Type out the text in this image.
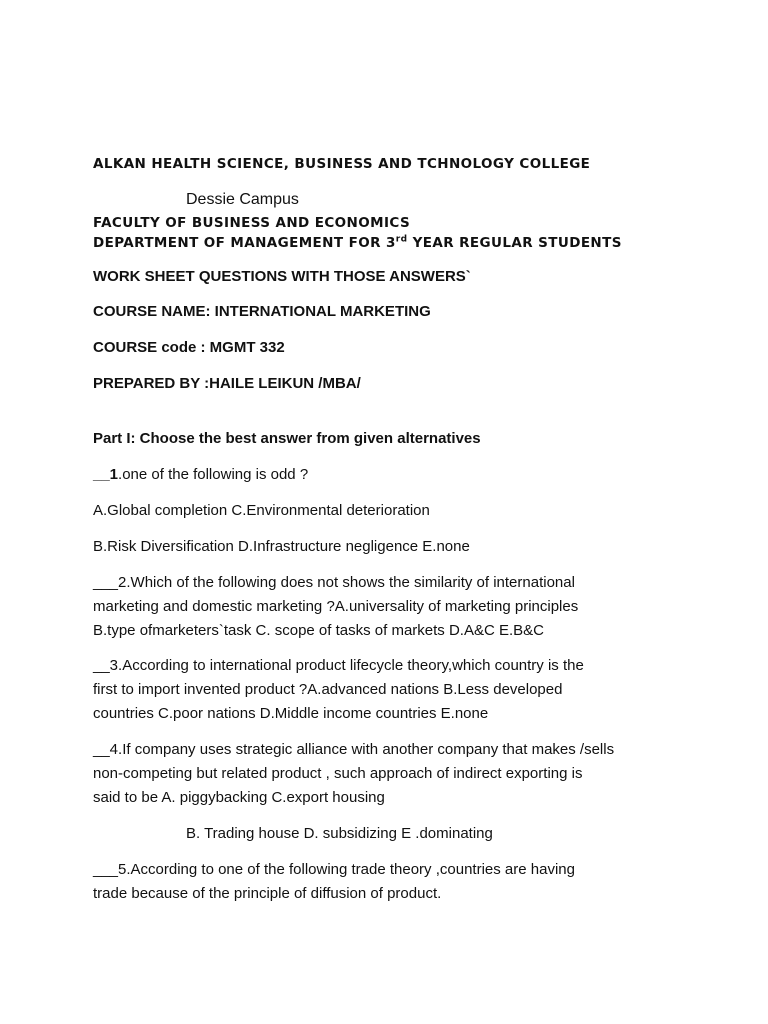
ALKAN HEALTH SCIENCE, BUSINESS AND TCHNOLOGY COLLEGE
Dessie Campus
FACULTY OF BUSINESS AND ECONOMICS
DEPARTMENT OF MANAGEMENT FOR 3rd YEAR REGULAR STUDENTS
WORK SHEET QUESTIONS WITH THOSE ANSWERS`
COURSE NAME: INTERNATIONAL MARKETING
COURSE code : MGMT 332
PREPARED BY :HAILE LEIKUN /MBA/
Part I: Choose the best answer from given alternatives
__1.one of the following is odd ?
A.Global completion C.Environmental deterioration
B.Risk Diversification D.Infrastructure negligence E.none
___2.Which of the following does not shows the similarity of international
marketing and domestic marketing ?A.universality of marketing principles
B.type ofmarketers`task C. scope of tasks of markets D.A&C E.B&C
__3.According to international product lifecycle theory,which country is the
first to import invented product ?A.advanced nations B.Less developed
countries C.poor nations D.Middle income countries E.none
__4.If company uses strategic alliance with another company that makes /sells
non-competing but related product , such approach of indirect exporting is
said to be A. piggybacking C.export housing
B. Trading house D. subsidizing E .dominating
___5.According to one of the following trade theory ,countries are having
trade because of the principle of diffusion of product.
